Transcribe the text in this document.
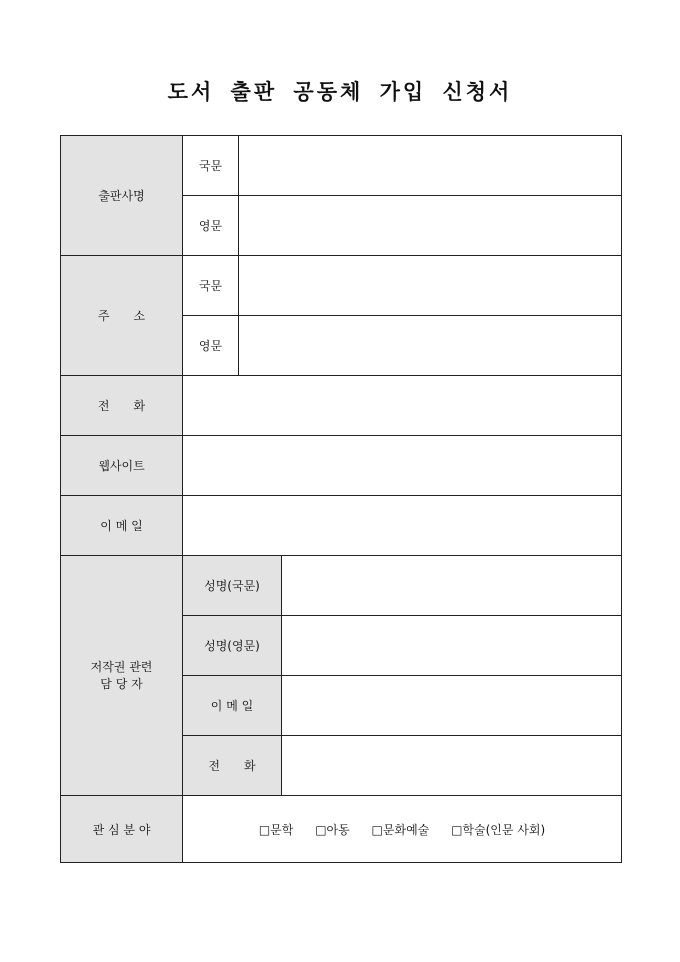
도서 출판 공동체 가입 신청서
출판사명	국문		
	영문		
주　　소	국문		
	영문		
전　　화			
웹사이트			
이 메 일			

저작권 관련
담 당 자	성명(국문)		
	성명(영문)		
	이 메 일		
	전　　화		
관 심 분 야	□문학 □아동 □문화예술 □학술(인문 사회)		
